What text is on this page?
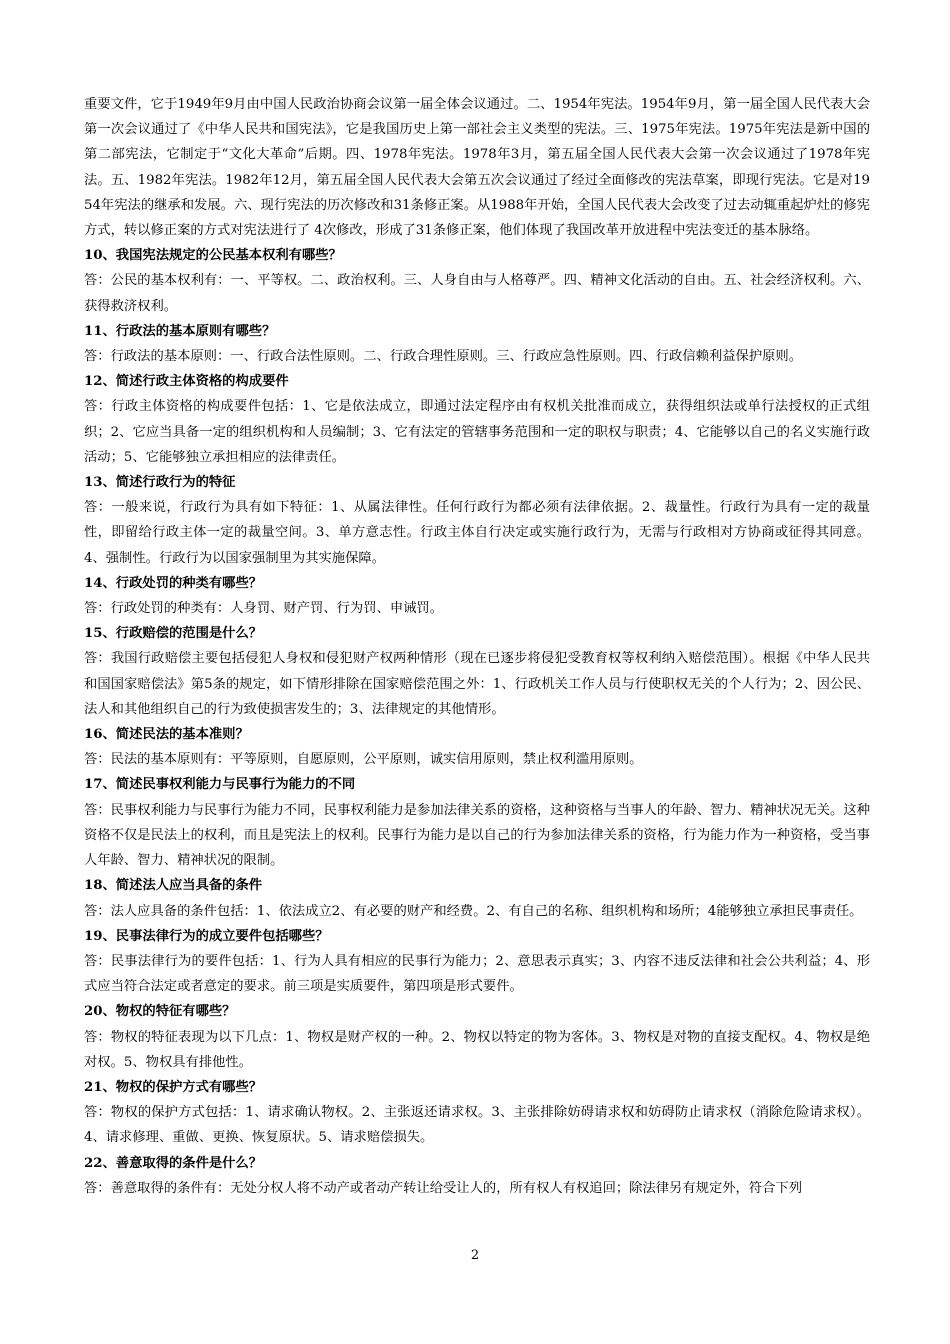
重要文件，它于1949年9月由中国人民政治协商会议第一届全体会议通过。二、1954年宪法。1954年9月，第一届全国人民代表大会第一次会议通过了《中华人民共和国宪法》，它是我国历史上第一部社会主义类型的宪法。三、1975年宪法。1975年宪法是新中国的第二部宪法，它制定于“文化大革命”后期。四、1978年宪法。1978年3月，第五届全国人民代表大会第一次会议通过了1978年宪法。五、1982年宪法。1982年12月，第五届全国人民代表大会第五次会议通过了经过全面修改的宪法草案，即现行宪法。它是对1954年宪法的继承和发展。六、现行宪法的历次修改和31条修正案。从1988年开始，全国人民代表大会改变了过去动辄重起炉灶的修宪方式，转以修正案的方式对宪法进行了 4次修改，形成了31条修正案，他们体现了我国改革开放进程中宪法变迁的基本脉络。

10、我国宪法规定的公民基本权利有哪些？

答：公民的基本权利有：一、平等权。二、政治权利。三、人身自由与人格尊严。四、精神文化活动的自由。五、社会经济权利。六、获得救济权利。

11、行政法的基本原则有哪些？

答：行政法的基本原则：一、行政合法性原则。二、行政合理性原则。三、行政应急性原则。四、行政信赖利益保护原则。

12、简述行政主体资格的构成要件

答：行政主体资格的构成要件包括：1、它是依法成立，即通过法定程序由有权机关批准而成立，获得组织法或单行法授权的正式组织；2、它应当具备一定的组织机构和人员编制；3、它有法定的管辖事务范围和一定的职权与职责；4、它能够以自己的名义实施行政活动；5、它能够独立承担相应的法律责任。

13、简述行政行为的特征

答：一般来说，行政行为具有如下特征：1、从属法律性。任何行政行为都必须有法律依据。2、裁量性。行政行为具有一定的裁量性，即留给行政主体一定的裁量空间。3、单方意志性。行政主体自行决定或实施行政行为，无需与行政相对方协商或征得其同意。4、强制性。行政行为以国家强制里为其实施保障。

14、行政处罚的种类有哪些？

答：行政处罚的种类有：人身罚、财产罚、行为罚、申诫罚。

15、行政赔偿的范围是什么？

答：我国行政赔偿主要包括侵犯人身权和侵犯财产权两种情形（现在已逐步将侵犯受教育权等权利纳入赔偿范围）。根据《中华人民共和国国家赔偿法》第5条的规定，如下情形排除在国家赔偿范围之外：1、行政机关工作人员与行使职权无关的个人行为；2、因公民、法人和其他组织自己的行为致使损害发生的；3、法律规定的其他情形。

16、简述民法的基本准则？

答：民法的基本原则有：平等原则，自愿原则，公平原则，诚实信用原则，禁止权利滥用原则。

17、简述民事权利能力与民事行为能力的不同

答：民事权利能力与民事行为能力不同，民事权利能力是参加法律关系的资格，这种资格与当事人的年龄、智力、精神状况无关。这种资格不仅是民法上的权利，而且是宪法上的权利。民事行为能力是以自己的行为参加法律关系的资格，行为能力作为一种资格，受当事人年龄、智力、精神状况的限制。

18、简述法人应当具备的条件

答：法人应具备的条件包括：1、依法成立2、有必要的财产和经费。2、有自己的名称、组织机构和场所；4能够独立承担民事责任。

19、民事法律行为的成立要件包括哪些？

答：民事法律行为的要件包括：1、行为人具有相应的民事行为能力；2、意思表示真实；3、内容不违反法律和社会公共利益；4、形式应当符合法定或者意定的要求。前三项是实质要件，第四项是形式要件。

20、物权的特征有哪些？

答：物权的特征表现为以下几点：1、物权是财产权的一种。2、物权以特定的物为客体。3、物权是对物的直接支配权。4、物权是绝对权。5、物权具有排他性。

21、物权的保护方式有哪些？

答：物权的保护方式包括：1、请求确认物权。2、主张返还请求权。3、主张排除妨碍请求权和妨碍防止请求权（消除危险请求权）。4、请求修理、重做、更换、恢复原状。5、请求赔偿损失。

22、善意取得的条件是什么？

答：善意取得的条件有：无处分权人将不动产或者动产转让给受让人的，所有权人有权追回；除法律另有规定外，符合下列

2
